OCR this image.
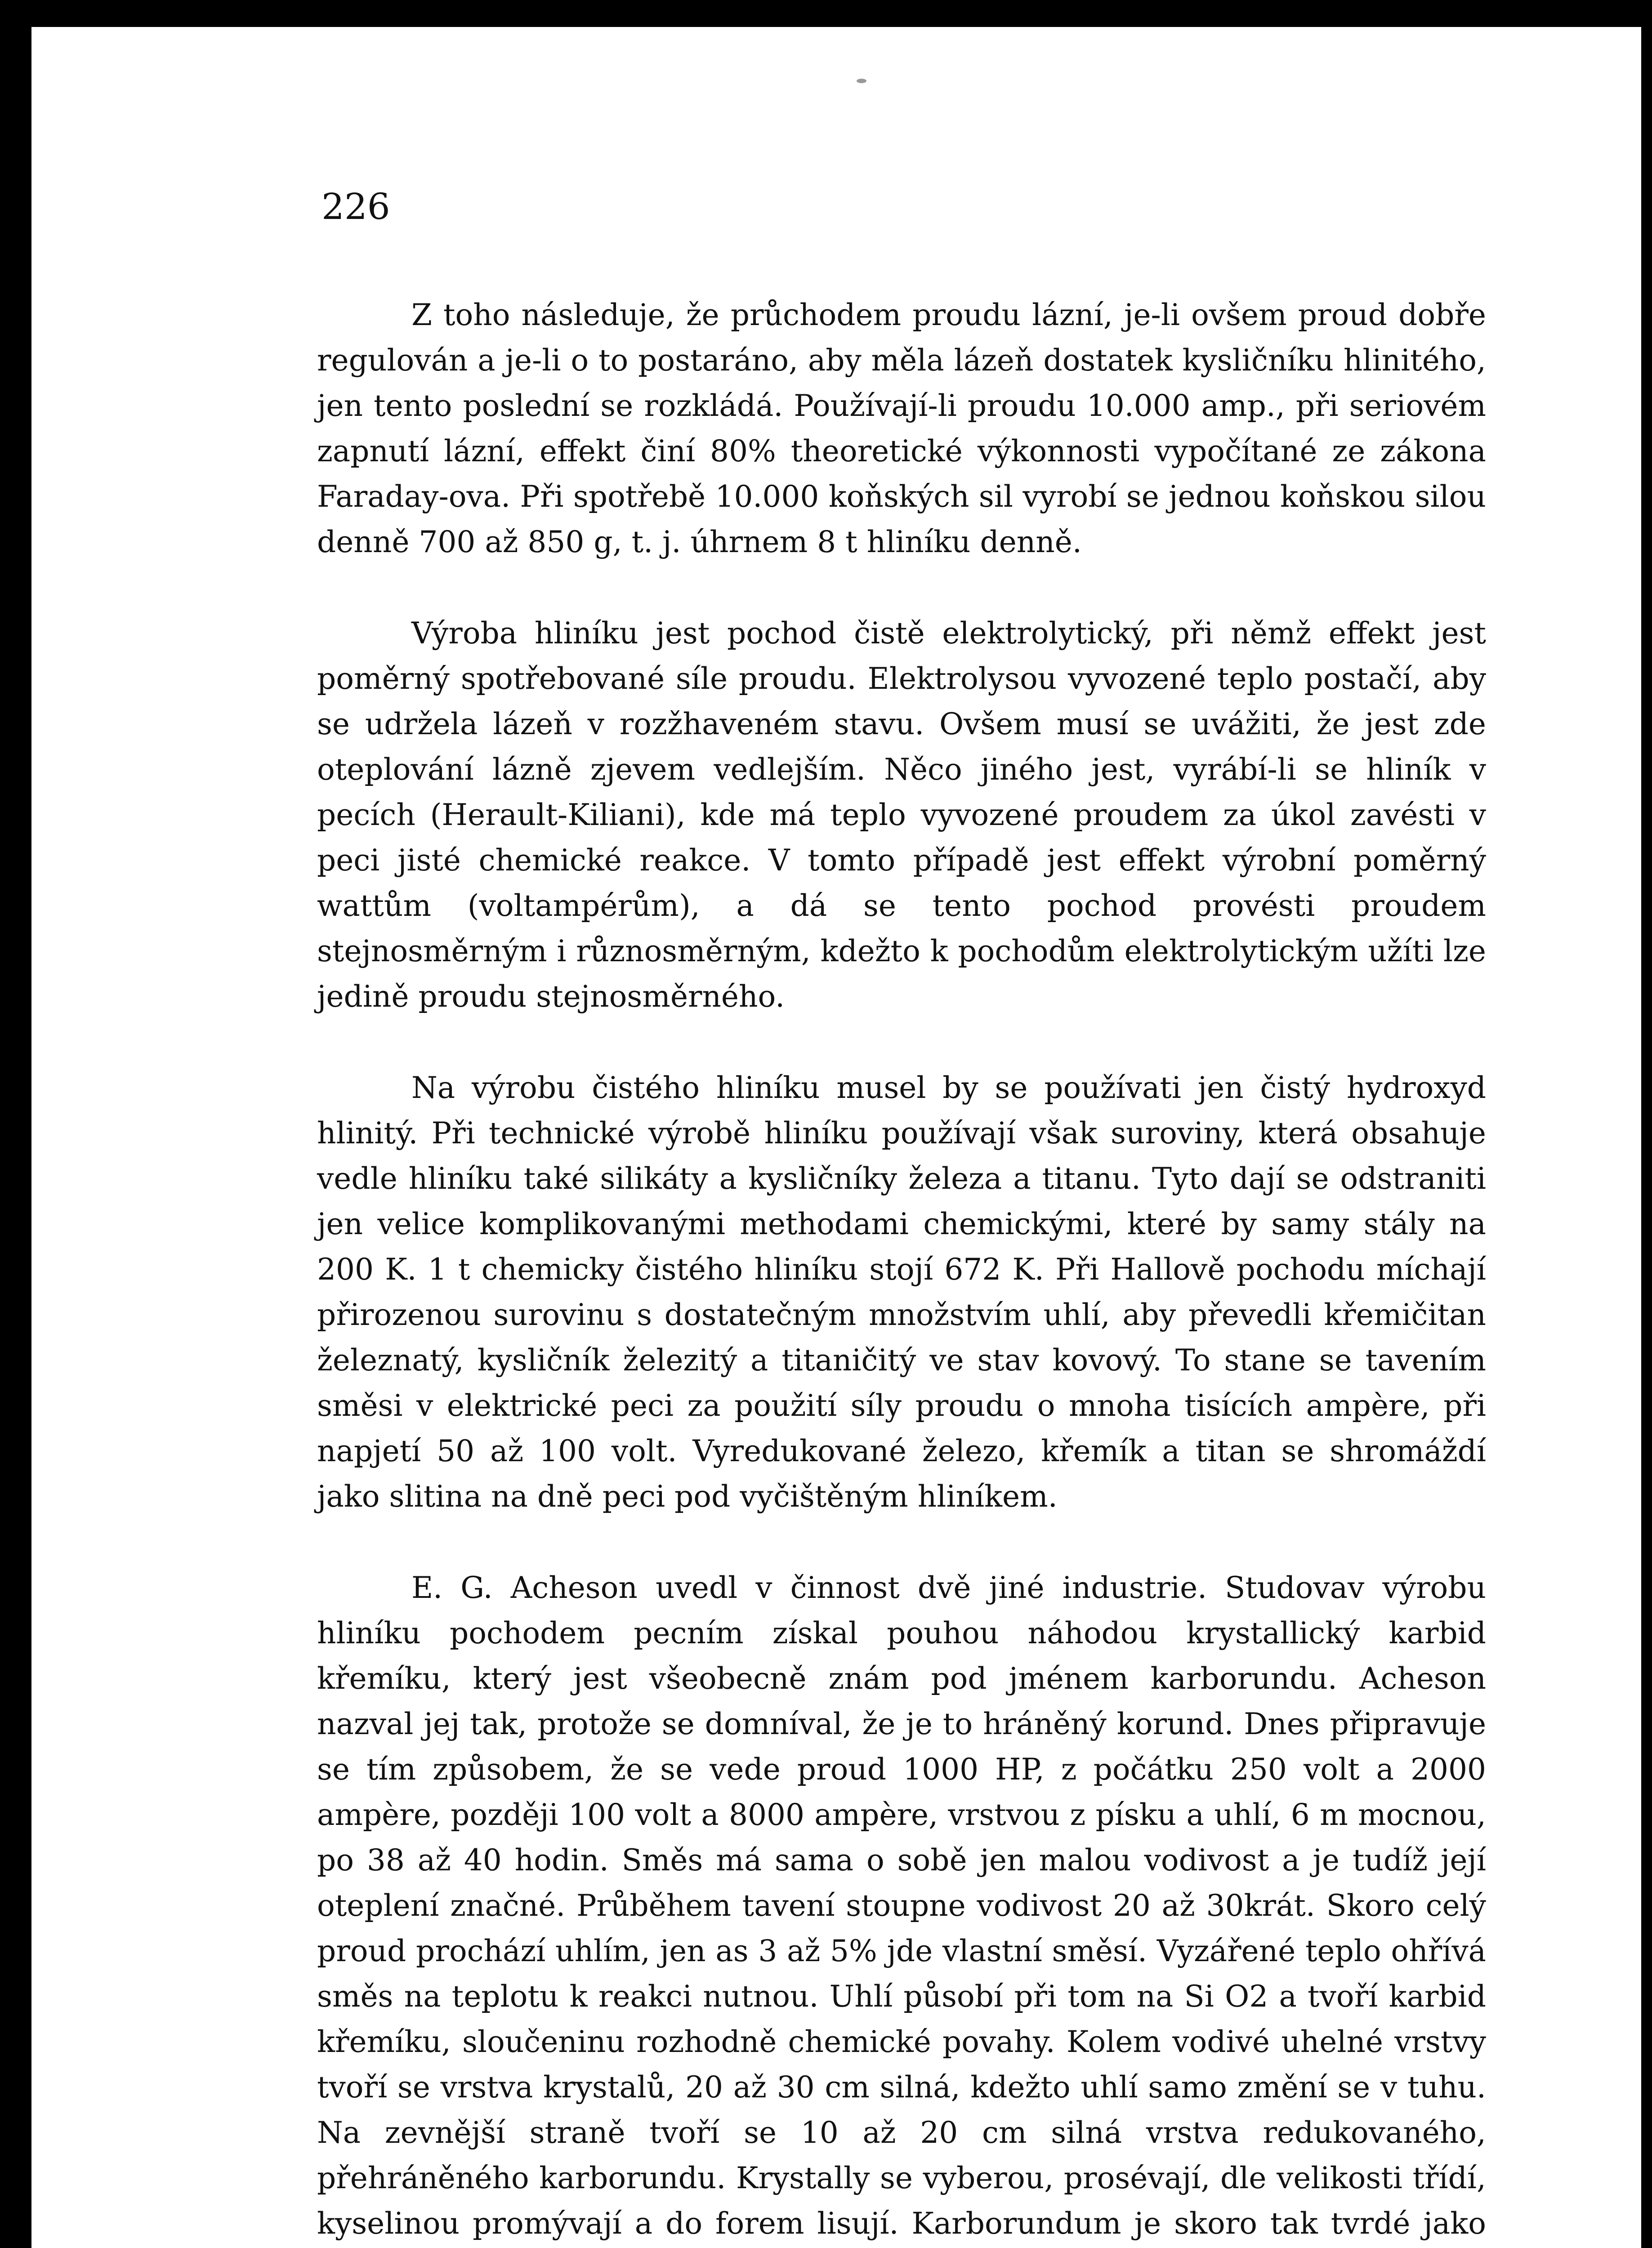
226

Z toho následuje, že průchodem proudu lázní, je-li ovšem proud dobře regulován a je-li o to postaráno, aby měla lázeň dostatek kysličníku hlinitého, jen tento poslední se rozkládá. Používají-li proudu 10.000 amp., při seriovém zapnutí lázní, effekt činí 80% theoretické výkonnosti vypočítané ze zákona Faraday-ova. Při spotřebě 10.000 koňských sil vyrobí se jednou koňskou silou denně 700 až 850 g, t. j. úhrnem 8 t hliníku denně.

Výroba hliníku jest pochod čistě elektrolytický, při němž effekt jest poměrný spotřebované síle proudu. Elektrolysou vyvozené teplo postačí, aby se udržela lázeň v rozžhaveném stavu. Ovšem musí se uvážiti, že jest zde oteplování lázně zjevem vedlejším. Něco jiného jest, vyrábí-li se hliník v pecích (Herault-Kiliani), kde má teplo vyvozené proudem za úkol zavésti v peci jisté chemické reakce. V tomto případě jest effekt výrobní poměrný wattům (voltampérům), a dá se tento pochod provésti proudem stejnosměrným i různosměrným, kdežto k pochodům elektrolytickým užíti lze jedině proudu stejnosměrného.

Na výrobu čistého hliníku musel by se používati jen čistý hydroxyd hlinitý. Při technické výrobě hliníku používají však suroviny, která obsahuje vedle hliníku také silikáty a kysličníky železa a titanu. Tyto dají se odstraniti jen velice komplikovanými methodami chemickými, které by samy stály na 200 K. 1 t chemicky čistého hliníku stojí 672 K. Při Hallově pochodu míchají přirozenou surovinu s dostatečným množstvím uhlí, aby převedli křemičitan železnatý, kysličník železitý a titaničitý ve stav kovový. To stane se tavením směsi v elektrické peci za použití síly proudu o mnoha tisících ampère, při napjetí 50 až 100 volt. Vyredukované železo, křemík a titan se shromáždí jako slitina na dně peci pod vyčištěným hliníkem.

E. G. Acheson uvedl v činnost dvě jiné industrie. Studovav výrobu hliníku pochodem pecním získal pouhou náhodou krystallický karbid křemíku, který jest všeobecně znám pod jménem karborundu. Acheson nazval jej tak, protože se domníval, že je to hráněný korund. Dnes připravuje se tím způsobem, že se vede proud 1000 HP, z počátku 250 volt a 2000 ampère, později 100 volt a 8000 ampère, vrstvou z písku a uhlí, 6 m mocnou, po 38 až 40 hodin. Směs má sama o sobě jen malou vodivost a je tudíž její oteplení značné. Průběhem tavení stoupne vodivost 20 až 30krát. Skoro celý proud prochází uhlím, jen as 3 až 5% jde vlastní směsí. Vyzářené teplo ohřívá směs na teplotu k reakci nutnou. Uhlí působí při tom na Si O2 a tvoří karbid křemíku, sloučeninu rozhodně chemické povahy. Kolem vodivé uhelné vrstvy tvoří se vrstva krystalů, 20 až 30 cm silná, kdežto uhlí samo změní se v tuhu. Na zevnější straně tvoří se 10 až 20 cm silná vrstva redukovaného, přehráněného karborundu. Krystally se vyberou, prosévají, dle velikosti třídí, kyselinou promývají a do forem lisují. Karborundum je skoro tak tvrdé jako
